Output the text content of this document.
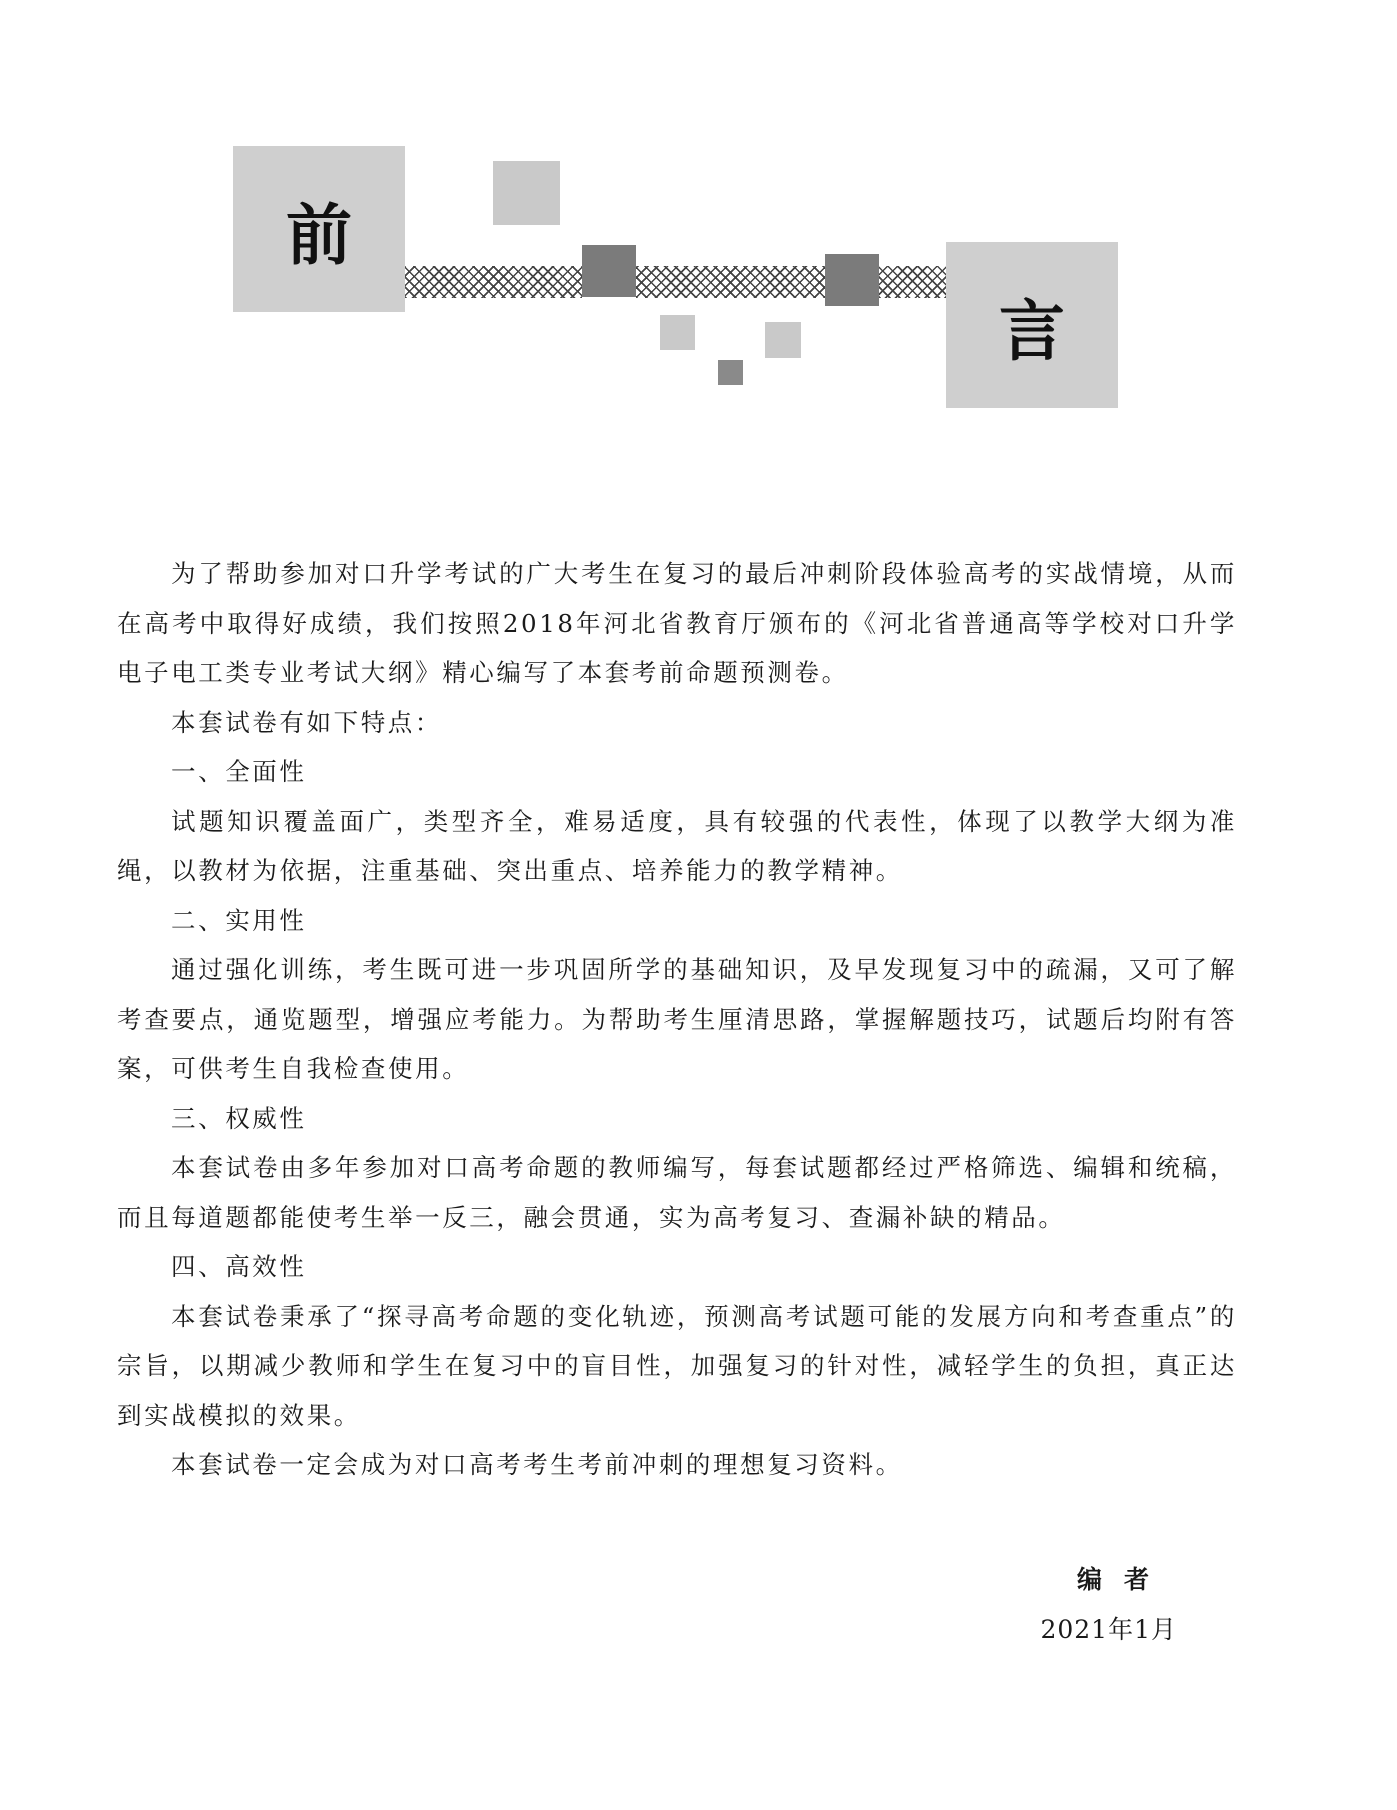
前
言

为了帮助参加对口升学考试的广大考生在复习的最后冲刺阶段体验高考的实战情境，从而在高考中取得好成绩，我们按照2018年河北省教育厅颁布的《河北省普通高等学校对口升学电子电工类专业考试大纲》精心编写了本套考前命题预测卷。

本套试卷有如下特点：

一、全面性

试题知识覆盖面广，类型齐全，难易适度，具有较强的代表性，体现了以教学大纲为准绳，以教材为依据，注重基础、突出重点、培养能力的教学精神。

二、实用性

通过强化训练，考生既可进一步巩固所学的基础知识，及早发现复习中的疏漏，又可了解考查要点，通览题型，增强应考能力。为帮助考生厘清思路，掌握解题技巧，试题后均附有答案，可供考生自我检查使用。

三、权威性

本套试卷由多年参加对口高考命题的教师编写，每套试题都经过严格筛选、编辑和统稿，而且每道题都能使考生举一反三，融会贯通，实为高考复习、查漏补缺的精品。

四、高效性

本套试卷秉承了“探寻高考命题的变化轨迹，预测高考试题可能的发展方向和考查重点”的宗旨，以期减少教师和学生在复习中的盲目性，加强复习的针对性，减轻学生的负担，真正达到实战模拟的效果。

本套试卷一定会成为对口高考考生考前冲刺的理想复习资料。

编者
2021年1月
